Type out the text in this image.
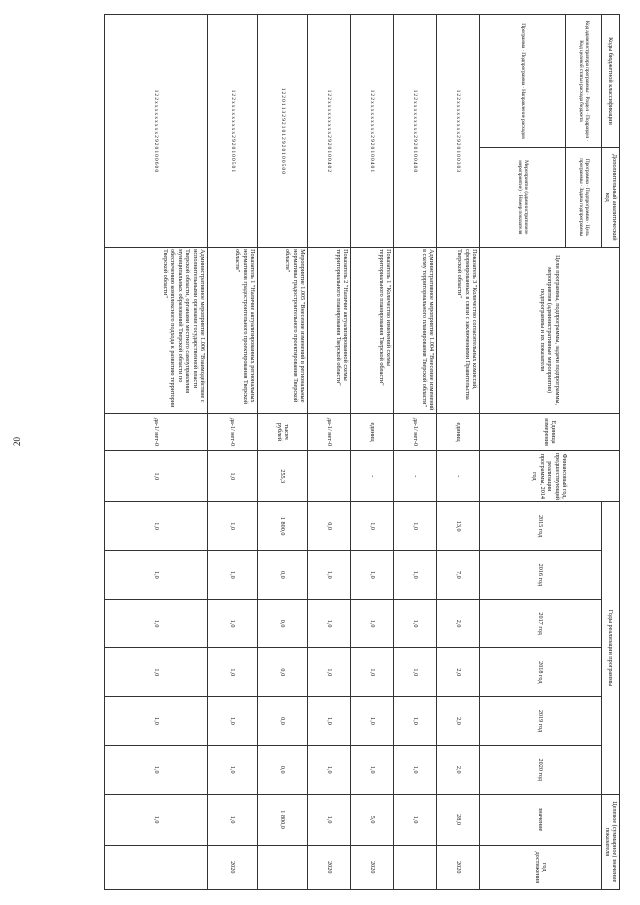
20
Коды бюджетной классификации	Дополнительный аналитический код	Цели программы, подпрограммы, задачи подпрограммы, мероприятия (административные мероприятия) подпрограммы и их показатели	Единица измерения	Финансовый год, предшествующий реализации программы, 2014 год	Годы реализации программы						Целевое (суммарное) значение показателя	
Код администратора программы · Раздел · Подраздел · Код целевой статьи расхода бюджета	Программа · Подпрограмма · Цель программы · Задача подпрограммы				2015 год	2016 год	2017 год	2018 год	2019 год	2020 год	значение	год достижения
Программа · Подпрограмма · Направление расходов	Мероприятие (административное мероприятие) · Номер показателя											
1 2 2 x x x x x x x x x 2 9 2 0 1 0 0 3 0 3		Показатель 3 "Количество согласительных комиссий, сформированных в связи с заключениями Правительства Тверской области"	единиц	-	13,0	7,0	2,0	2,0	2,0	2,0	28,0	2020
1 2 2 x x x x x x x x x 2 9 2 0 1 0 0 4 0 0		Административное мероприятие 1.004 "Внесение изменений в схему территориального планирования Тверской области"	да-1/ нет-0	-	1,0	1,0	1,0	1,0	1,0	1,0	1,0	
1 2 2 x x x x x x x x x 2 9 2 0 1 0 0 4 0 1		Показатель 1 "Количество изменений схемы территориального планирования Тверской области"	единиц	-	1,0	1,0	1,0	1,0	1,0	1,0	5,0	2020
1 2 2 x x x x x x x x x 2 9 2 0 1 0 0 4 0 2		Показатель 2 "Наличие актуализированной схемы территориального планирования Тверской области"	да-1/ нет-0		0,0	1,0	1,0	1,0	1,0	1,0	1,0	2020
1 2 2 0 1 1 3 2 9 2 1 0 1 2 9 2 0 1 0 0 5 0 0		Мероприятие 1.005 "Внесение изменений в региональные нормативы градостроительного проектирования Тверской области"	тысяч рублей	255,3	1 800,0	0,0	0,0	0,0	0,0	0,0	1 800,0	
1 2 2 x x x x x x x x x 2 9 2 0 1 0 0 5 0 1		Показатель 1 "Наличие актуализированных региональных нормативов градостроительного проектирования Тверской области"	да-1/ нет-0	1,0	1,0	1,0	1,0	1,0	1,0	1,0	1,0	2020
1 2 2 x x x x x x x x x 2 9 2 0 1 0 0 6 0 0		Административное мероприятие 1.006 "Взаимодействие с исполнительными органами государственной власти Тверской области, органами местного самоуправления муниципальных образований Тверской области по обеспечению комплексного подхода к развитию территории Тверской области"	да-1/ нет-0	1,0	1,0	1,0	1,0	1,0	1,0	1,0	1,0	
